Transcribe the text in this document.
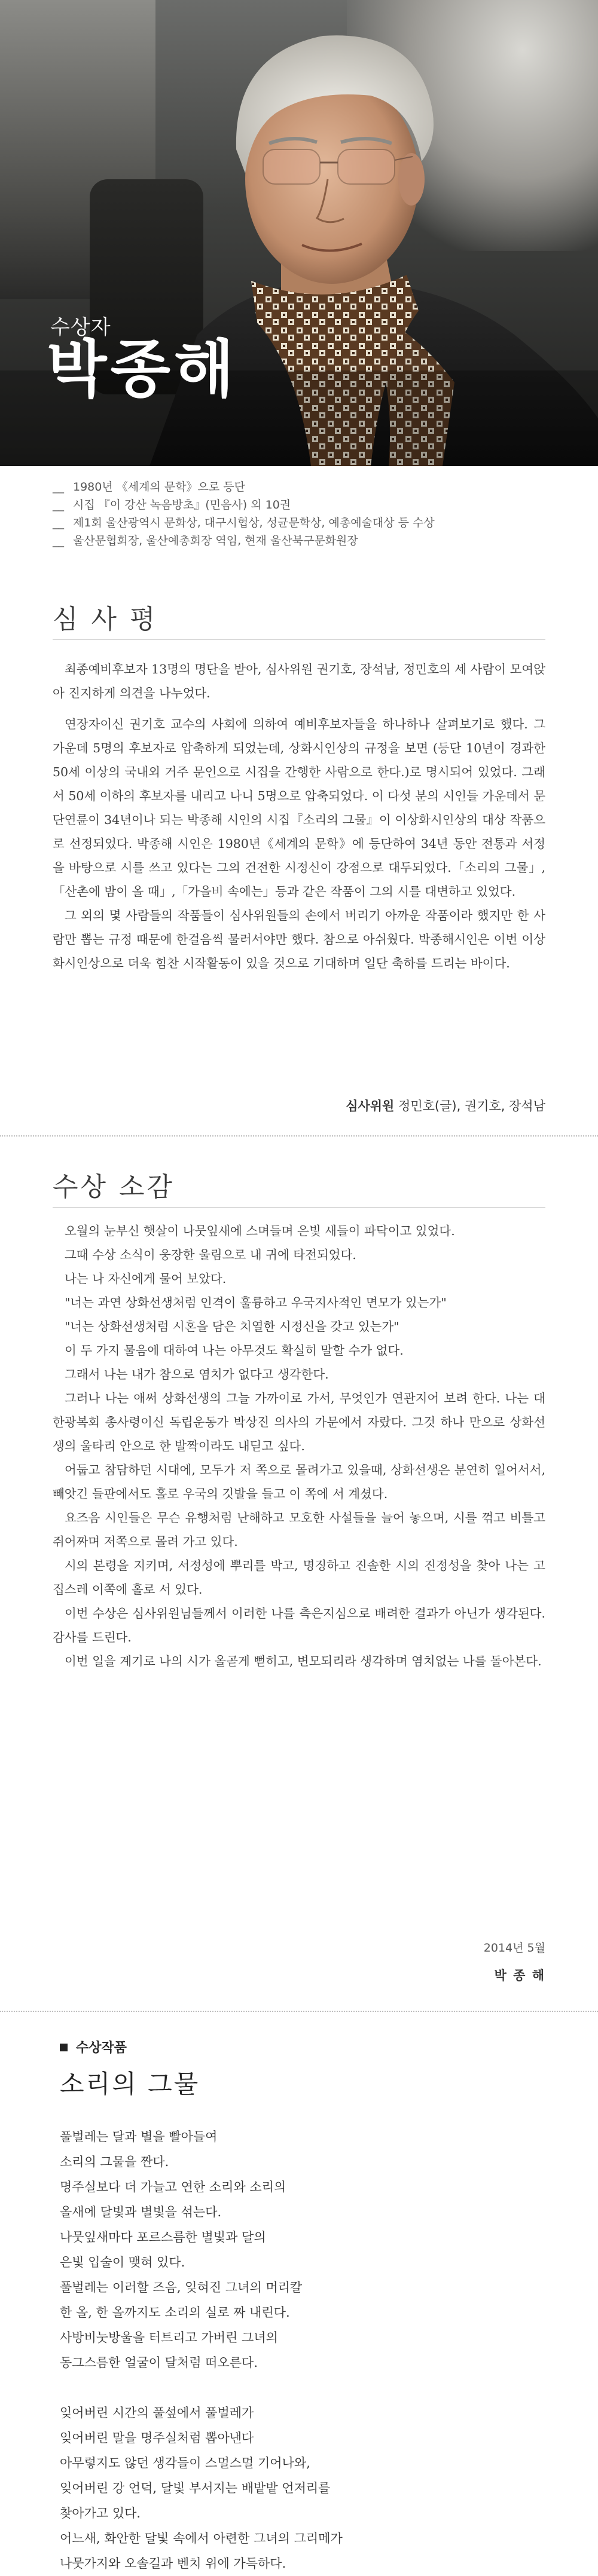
수상자
박종해
__ 1980년 《세계의 문학》으로 등단
__ 시집 『이 강산 녹음방초』(민음사) 외 10권
__ 제1회 울산광역시 문화상, 대구시협상, 성균문학상, 예총예술대상 등 수상
__ 울산문협회장, 울산예총회장 역임, 현재 울산북구문화원장
심 사 평

최종예비후보자 13명의 명단을 받아, 심사위원 권기호, 장석남, 정민호의 세 사람이 모여앉아 진지하게 의견을 나누었다.

연장자이신 권기호 교수의 사회에 의하여 예비후보자들을 하나하나 살펴보기로 했다. 그 가운데 5명의 후보자로 압축하게 되었는데, 상화시인상의 규정을 보면 (등단 10년이 경과한 50세 이상의 국내외 거주 문인으로 시집을 간행한 사람으로 한다.)로 명시되어 있었다. 그래서 50세 이하의 후보자를 내리고 나니 5명으로 압축되었다. 이 다섯 분의 시인들 가운데서 문단연륜이 34년이나 되는 박종해 시인의 시집『소리의 그물』이 이상화시인상의 대상 작품으로 선정되었다. 박종해 시인은 1980년《세계의 문학》에 등단하여 34년 동안 전통과 서정을 바탕으로 시를 쓰고 있다는 그의 건전한 시정신이 강점으로 대두되었다.「소리의 그물」,「산촌에 밤이 올 때」,「가을비 속에는」등과 같은 작품이 그의 시를 대변하고 있었다.

그 외의 몇 사람들의 작품들이 심사위원들의 손에서 버리기 아까운 작품이라 했지만 한 사람만 뽑는 규정 때문에 한걸음씩 물러서야만 했다. 참으로 아쉬웠다. 박종해시인은 이번 이상화시인상으로 더욱 힘찬 시작활동이 있을 것으로 기대하며 일단 축하를 드리는 바이다.

심사위원 정민호(글), 권기호, 장석남
수상 소감

오월의 눈부신 햇살이 나뭇잎새에 스며들며 은빛 새들이 파닥이고 있었다.

그때 수상 소식이 웅장한 울림으로 내 귀에 타전되었다.

나는 나 자신에게 물어 보았다.

"너는 과연 상화선생처럼 인격이 훌륭하고 우국지사적인 면모가 있는가"

"너는 상화선생처럼 시혼을 담은 치열한 시정신을 갖고 있는가"

이 두 가지 물음에 대하여 나는 아무것도 확실히 말할 수가 없다.

그래서 나는 내가 참으로 염치가 없다고 생각한다.

그러나 나는 애써 상화선생의 그늘 가까이로 가서, 무엇인가 연관지어 보려 한다. 나는 대한광복회 총사령이신 독립운동가 박상진 의사의 가문에서 자랐다. 그것 하나 만으로 상화선생의 울타리 안으로 한 발짝이라도 내딛고 싶다.

어둡고 참담하던 시대에, 모두가 저 쪽으로 몰려가고 있을때, 상화선생은 분연히 일어서서, 빼앗긴 들판에서도 홀로 우국의 깃발을 들고 이 쪽에 서 계셨다.

요즈음 시인들은 무슨 유행처럼 난해하고 모호한 사설들을 늘어 놓으며, 시를 꺾고 비틀고 쥐어짜며 저쪽으로 몰려 가고 있다.

시의 본령을 지키며, 서정성에 뿌리를 박고, 명징하고 진솔한 시의 진정성을 찾아 나는 고집스레 이쪽에 홀로 서 있다.

이번 수상은 심사위원님들께서 이러한 나를 측은지심으로 배려한 결과가 아닌가 생각된다. 감사를 드린다.

이번 일을 계기로 나의 시가 올곧게 뻗히고, 변모되리라 생각하며 염치없는 나를 돌아본다.

2014년 5월
박 종 해
수상작품
소리의 그물
풀벌레는 달과 별을 빨아들여
소리의 그물을 짠다.
명주실보다 더 가늘고 연한 소리와 소리의
올새에 달빛과 별빛을 섞는다.
나뭇잎새마다 포르스름한 별빛과 달의
은빛 입술이 맺혀 있다.
풀벌레는 이러할 즈음, 잊혀진 그녀의 머리칼
한 올, 한 올까지도 소리의 실로 짜 내린다.
사방비눗방울을 터트리고 가버린 그녀의
동그스름한 얼굴이 달처럼 떠오른다.
잊어버린 시간의 풀섶에서 풀벌레가
잊어버린 말을 명주실처럼 뽑아낸다
아무렇지도 않던 생각들이 스멀스멀 기어나와,
잊어버린 강 언덕, 달빛 부서지는 배밭밭 언저리를
찾아가고 있다.
어느새, 화안한 달빛 속에서 아련한 그녀의 그리메가
나뭇가지와 오솔길과 벤치 위에 가득하다.
